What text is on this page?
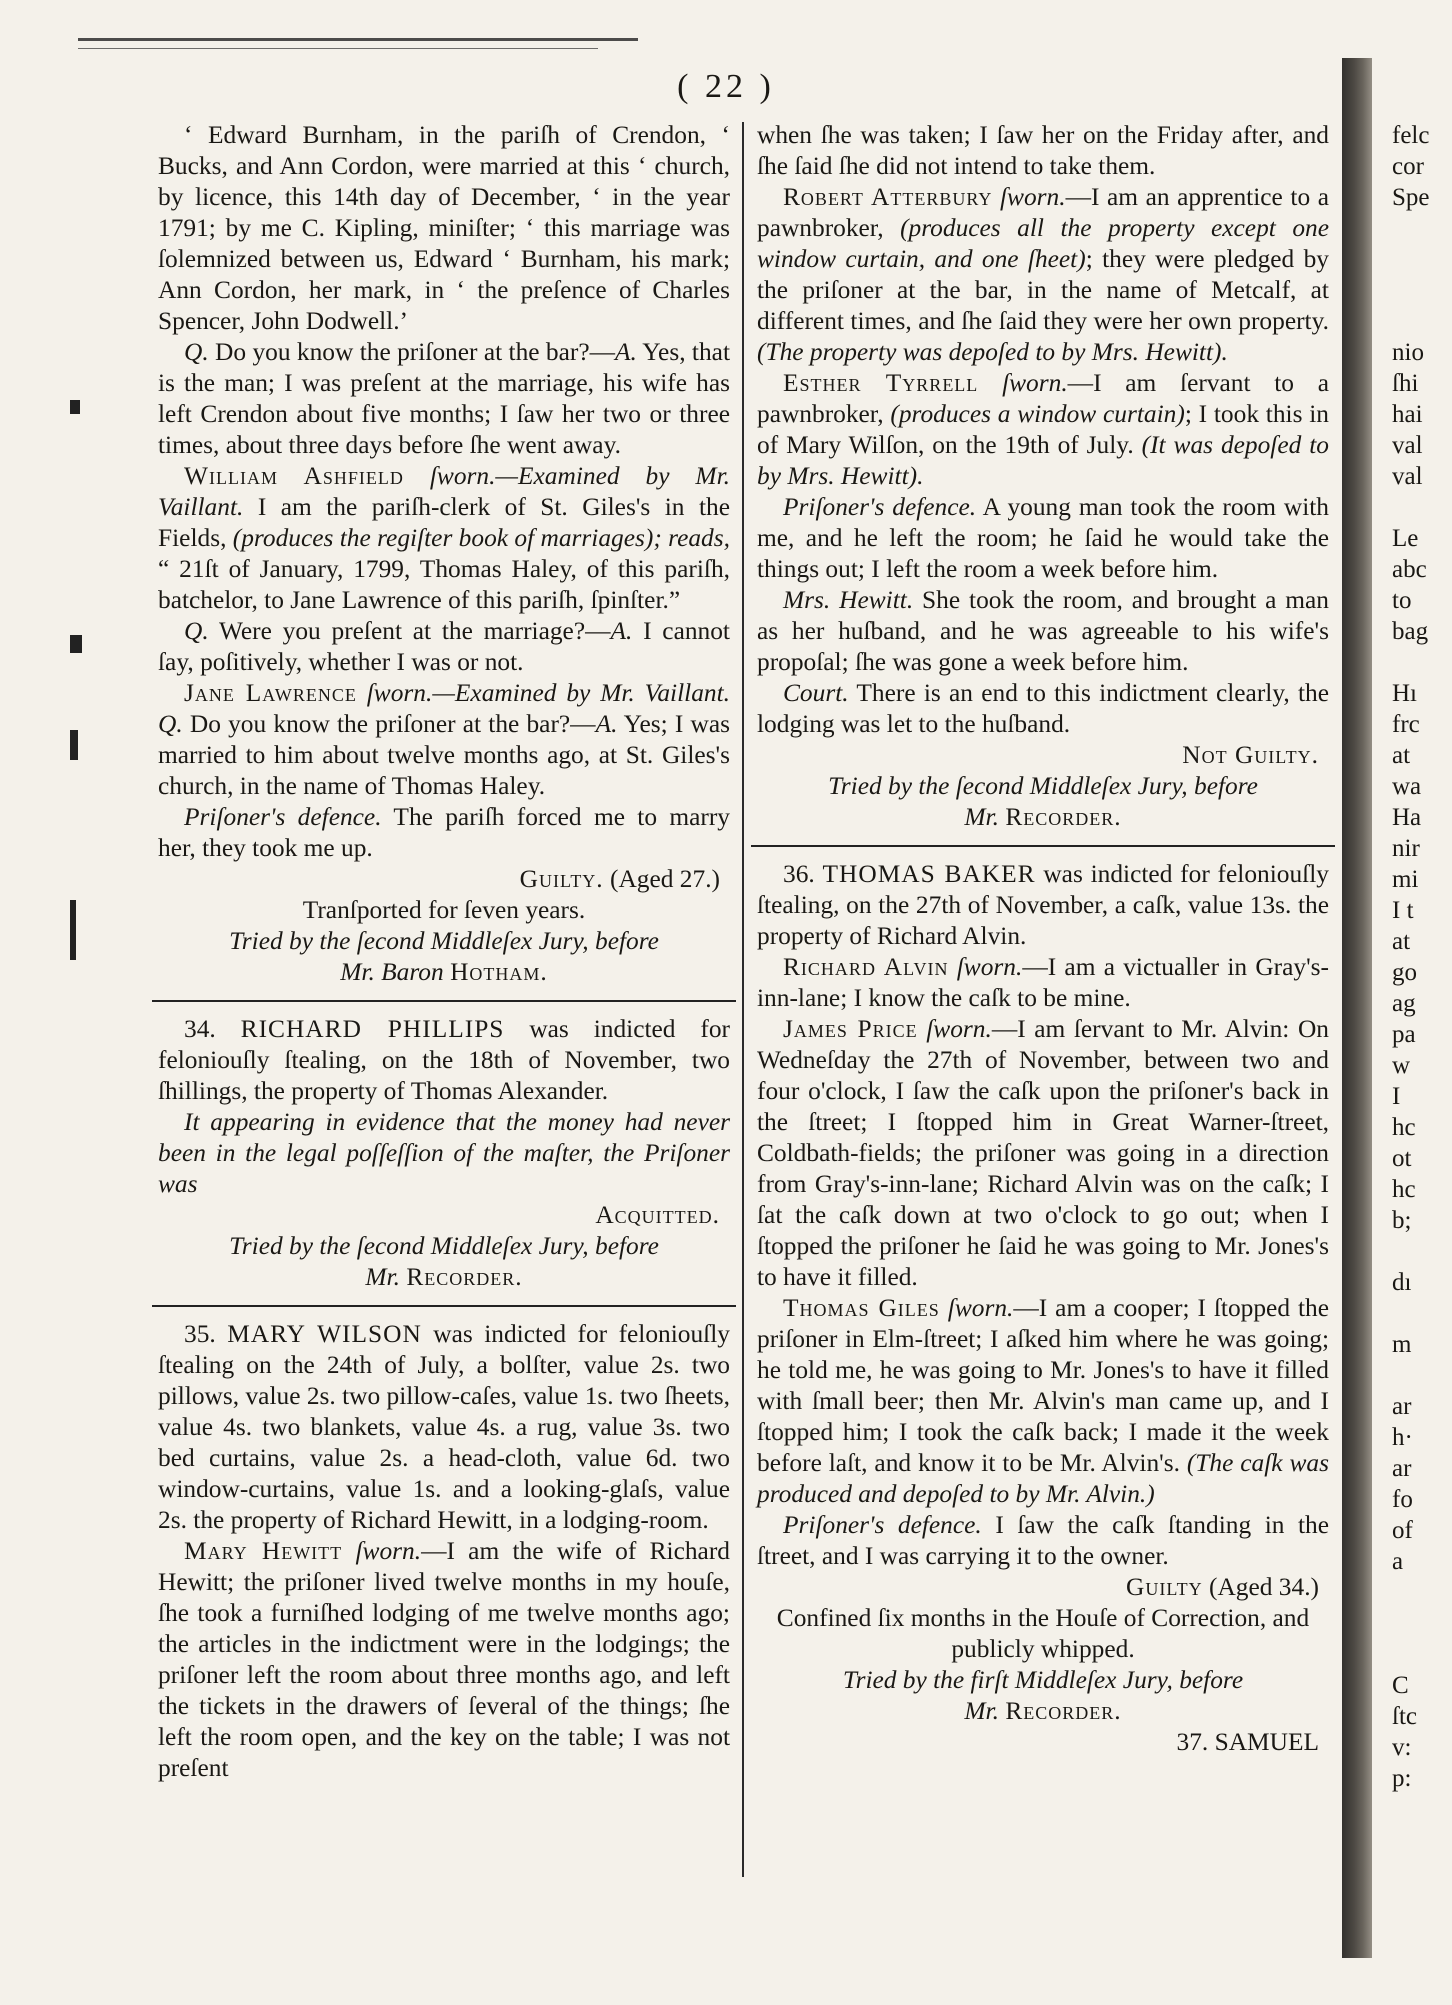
( 22 )

‘ Edward Burnham, in the pariſh of Crendon, ‘ Bucks, and Ann Cordon, were married at this ‘ church, by licence, this 14th day of December, ‘ in the year 1791; by me C. Kipling, miniſter; ‘ this marriage was ſolemnized between us, Edward ‘ Burnham, his mark; Ann Cordon, her mark, in ‘ the preſence of Charles Spencer, John Dodwell.’

Q. Do you know the priſoner at the bar?—A. Yes, that is the man; I was preſent at the marriage, his wife has left Crendon about five months; I ſaw her two or three times, about three days before ſhe went away.

William Ashfield ſworn.—Examined by Mr. Vaillant. I am the pariſh-clerk of St. Giles's in the Fields, (produces the regiſter book of marriages); reads, “ 21ſt of January, 1799, Thomas Haley, of this pariſh, batchelor, to Jane Lawrence of this pariſh, ſpinſter.”

Q. Were you preſent at the marriage?—A. I cannot ſay, poſitively, whether I was or not.

Jane Lawrence ſworn.—Examined by Mr. Vaillant. Q. Do you know the priſoner at the bar?—A. Yes; I was married to him about twelve months ago, at St. Giles's church, in the name of Thomas Haley.

Priſoner's defence. The pariſh forced me to marry her, they took me up.

Guilty. (Aged 27.)

Tranſported for ſeven years.

Tried by the ſecond Middleſex Jury, before
Mr. Baron Hotham.

34. RICHARD PHILLIPS was indicted for feloniouſly ſtealing, on the 18th of November, two ſhillings, the property of Thomas Alexander.

It appearing in evidence that the money had never been in the legal poſſeſſion of the maſter, the Priſoner was

Acquitted.

Tried by the ſecond Middleſex Jury, before
Mr. Recorder.

35. MARY WILSON was indicted for feloniouſly ſtealing on the 24th of July, a bolſter, value 2s. two pillows, value 2s. two pillow-caſes, value 1s. two ſheets, value 4s. two blankets, value 4s. a rug, value 3s. two bed curtains, value 2s. a head-cloth, value 6d. two window-curtains, value 1s. and a looking-glaſs, value 2s. the property of Richard Hewitt, in a lodging-room.

Mary Hewitt ſworn.—I am the wife of Richard Hewitt; the priſoner lived twelve months in my houſe, ſhe took a furniſhed lodging of me twelve months ago; the articles in the indictment were in the lodgings; the priſoner left the room about three months ago, and left the tickets in the drawers of ſeveral of the things; ſhe left the room open, and the key on the table; I was not preſent

when ſhe was taken; I ſaw her on the Friday after, and ſhe ſaid ſhe did not intend to take them.

Robert Atterbury ſworn.—I am an apprentice to a pawnbroker, (produces all the property except one window curtain, and one ſheet); they were pledged by the priſoner at the bar, in the name of Metcalf, at different times, and ſhe ſaid they were her own property. (The property was depoſed to by Mrs. Hewitt).

Esther Tyrrell ſworn.—I am ſervant to a pawnbroker, (produces a window curtain); I took this in of Mary Wilſon, on the 19th of July. (It was depoſed to by Mrs. Hewitt).

Priſoner's defence. A young man took the room with me, and he left the room; he ſaid he would take the things out; I left the room a week before him.

Mrs. Hewitt. She took the room, and brought a man as her huſband, and he was agreeable to his wife's propoſal; ſhe was gone a week before him.

Court. There is an end to this indictment clearly, the lodging was let to the huſband.

Not Guilty.

Tried by the ſecond Middleſex Jury, before
Mr. Recorder.

36. THOMAS BAKER was indicted for feloniouſly ſtealing, on the 27th of November, a caſk, value 13s. the property of Richard Alvin.

Richard Alvin ſworn.—I am a victualler in Gray's-inn-lane; I know the caſk to be mine.

James Price ſworn.—I am ſervant to Mr. Alvin: On Wedneſday the 27th of November, between two and four o'clock, I ſaw the caſk upon the priſoner's back in the ſtreet; I ſtopped him in Great Warner-ſtreet, Coldbath-fields; the priſoner was going in a direction from Gray's-inn-lane; Richard Alvin was on the caſk; I ſat the caſk down at two o'clock to go out; when I ſtopped the priſoner he ſaid he was going to Mr. Jones's to have it filled.

Thomas Giles ſworn.—I am a cooper; I ſtopped the priſoner in Elm-ſtreet; I aſked him where he was going; he told me, he was going to Mr. Jones's to have it filled with ſmall beer; then Mr. Alvin's man came up, and I ſtopped him; I took the caſk back; I made it the week before laſt, and know it to be Mr. Alvin's. (The caſk was produced and depoſed to by Mr. Alvin.)

Priſoner's defence. I ſaw the caſk ſtanding in the ſtreet, and I was carrying it to the owner.

Guilty (Aged 34.)

Confined ſix months in the Houſe of Correction, and publicly whipped.

Tried by the firſt Middleſex Jury, before
Mr. Recorder.

37. SAMUEL

felc
cor
Spe
nio
ſhi
hai
val
val
Le
abc
to
bag
Hı
frc
at
wa
Ha
nir
mi
I t
at
go
ag
pa
w
I
hc
ot
hc
b;
dı
m
ar
h·
ar
fo
of
a
C
ſtc
v:
p:
